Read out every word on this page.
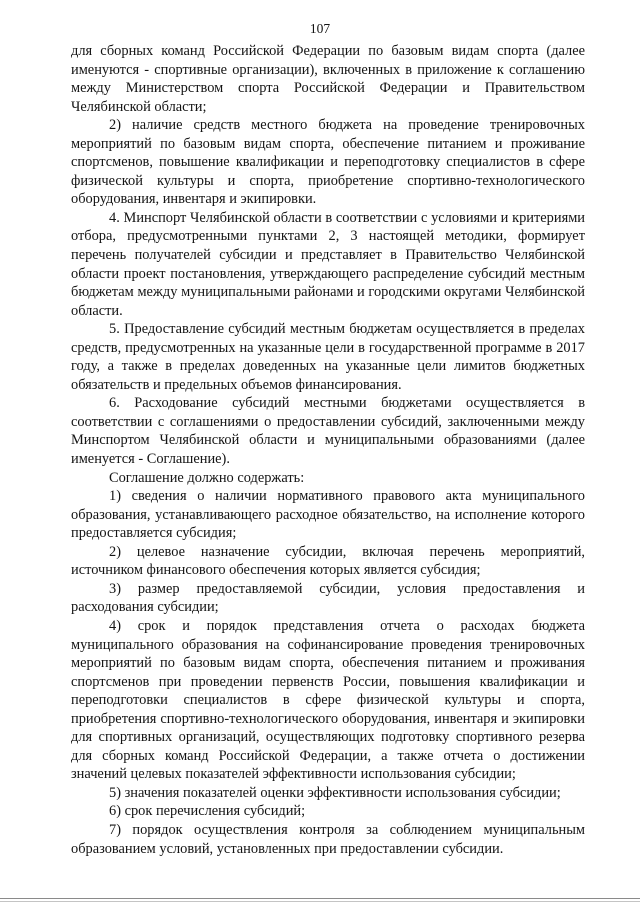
107

для сборных команд Российской Федерации по базовым видам спорта (далее именуются - спортивные организации), включенных в приложение к соглашению между Министерством спорта Российской Федерации и Правительством Челябинской области;

2) наличие средств местного бюджета на проведение тренировочных мероприятий по базовым видам спорта, обеспечение питанием и проживание спортсменов, повышение квалификации и переподготовку специалистов в сфере физической культуры и спорта, приобретение спортивно-технологического оборудования, инвентаря и экипировки.

4. Минспорт Челябинской области в соответствии с условиями и критериями отбора, предусмотренными пунктами 2, 3 настоящей методики, формирует перечень получателей субсидии и представляет в Правительство Челябинской области проект постановления, утверждающего распределение субсидий местным бюджетам между муниципальными районами и городскими округами Челябинской области.

5. Предоставление субсидий местным бюджетам осуществляется в пределах средств, предусмотренных на указанные цели в государственной программе в 2017 году, а также в пределах доведенных на указанные цели лимитов бюджетных обязательств и предельных объемов финансирования.

6. Расходование субсидий местными бюджетами осуществляется в соответствии с соглашениями о предоставлении субсидий, заключенными между Минспортом Челябинской области и муниципальными образованиями (далее именуется - Соглашение).

Соглашение должно содержать:

1) сведения о наличии нормативного правового акта муниципального образования, устанавливающего расходное обязательство, на исполнение которого предоставляется субсидия;

2) целевое назначение субсидии, включая перечень мероприятий, источником финансового обеспечения которых является субсидия;

3) размер предоставляемой субсидии, условия предоставления и расходования субсидии;

4) срок и порядок представления отчета о расходах бюджета муниципального образования на софинансирование проведения тренировочных мероприятий по базовым видам спорта, обеспечения питанием и проживания спортсменов при проведении первенств России, повышения квалификации и переподготовки специалистов в сфере физической культуры и спорта, приобретения спортивно-технологического оборудования, инвентаря и экипировки для спортивных организаций, осуществляющих подготовку спортивного резерва для сборных команд Российской Федерации, а также отчета о достижении значений целевых показателей эффективности использования субсидии;

5) значения показателей оценки эффективности использования субсидии;

6) срок перечисления субсидий;

7) порядок осуществления контроля за соблюдением муниципальным образованием условий, установленных при предоставлении субсидии.
